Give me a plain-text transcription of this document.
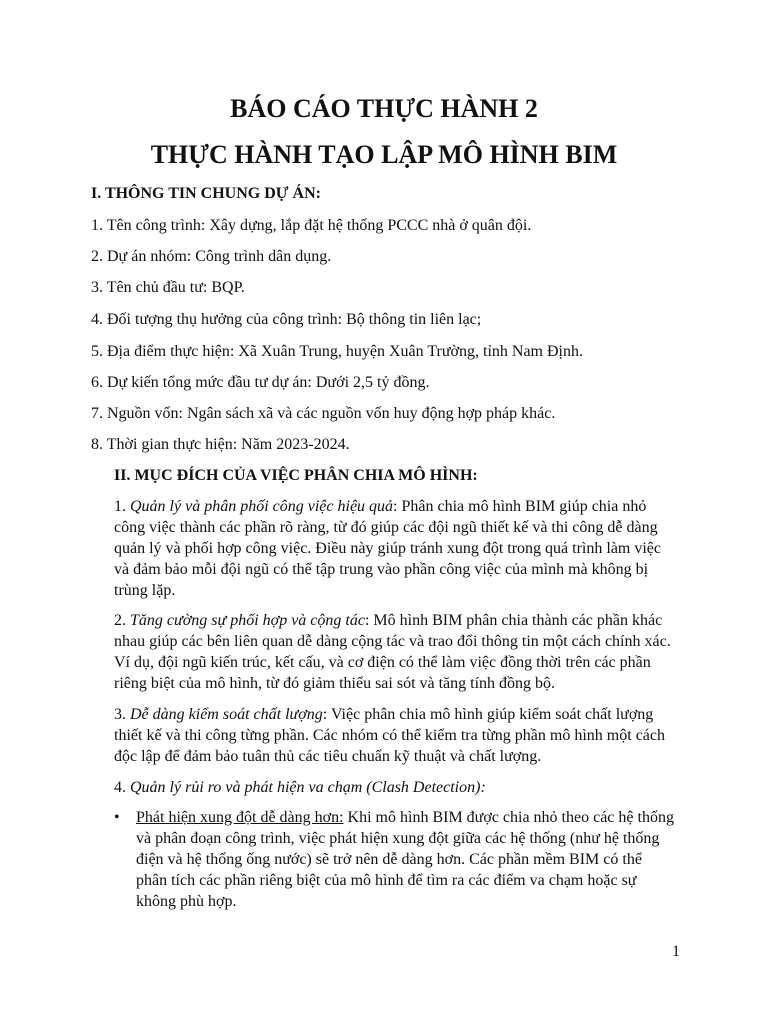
BÁO CÁO THỰC HÀNH 2
THỰC HÀNH TẠO LẬP MÔ HÌNH BIM

I. THÔNG TIN CHUNG DỰ ÁN:

1. Tên công trình: Xây dựng, lắp đặt hệ thống PCCC nhà ở quân đội.

2. Dự án nhóm: Công trình dân dụng.

3. Tên chủ đầu tư: BQP.

4. Đối tượng thụ hưởng của công trình: Bộ thông tin liên lạc;

5. Địa điểm thực hiện: Xã Xuân Trung, huyện Xuân Trường, tỉnh Nam Định.

6. Dự kiến tổng mức đầu tư dự án: Dưới 2,5 tỷ đồng.

7. Nguồn vốn: Ngân sách xã và các nguồn vốn huy động hợp pháp khác.

8. Thời gian thực hiện: Năm 2023-2024.

II. MỤC ĐÍCH CỦA VIỆC PHÂN CHIA MÔ HÌNH:

1. Quản lý và phân phối công việc hiệu quả: Phân chia mô hình BIM giúp chia nhỏ công việc thành các phần rõ ràng, từ đó giúp các đội ngũ thiết kế và thi công dễ dàng quản lý và phối hợp công việc. Điều này giúp tránh xung đột trong quá trình làm việc và đảm bảo mỗi đội ngũ có thể tập trung vào phần công việc của mình mà không bị trùng lặp.

2. Tăng cường sự phối hợp và cộng tác: Mô hình BIM phân chia thành các phần khác nhau giúp các bên liên quan dễ dàng cộng tác và trao đổi thông tin một cách chính xác. Ví dụ, đội ngũ kiến trúc, kết cấu, và cơ điện có thể làm việc đồng thời trên các phần riêng biệt của mô hình, từ đó giảm thiểu sai sót và tăng tính đồng bộ.

3. Dễ dàng kiểm soát chất lượng: Việc phân chia mô hình giúp kiểm soát chất lượng thiết kế và thi công từng phần. Các nhóm có thể kiểm tra từng phần mô hình một cách độc lập để đảm bảo tuân thủ các tiêu chuẩn kỹ thuật và chất lượng.

4. Quản lý rủi ro và phát hiện va chạm (Clash Detection):

• Phát hiện xung đột dễ dàng hơn: Khi mô hình BIM được chia nhỏ theo các hệ thống và phân đoạn công trình, việc phát hiện xung đột giữa các hệ thống (như hệ thống điện và hệ thống ống nước) sẽ trở nên dễ dàng hơn. Các phần mềm BIM có thể phân tích các phần riêng biệt của mô hình để tìm ra các điểm va chạm hoặc sự không phù hợp.

1
